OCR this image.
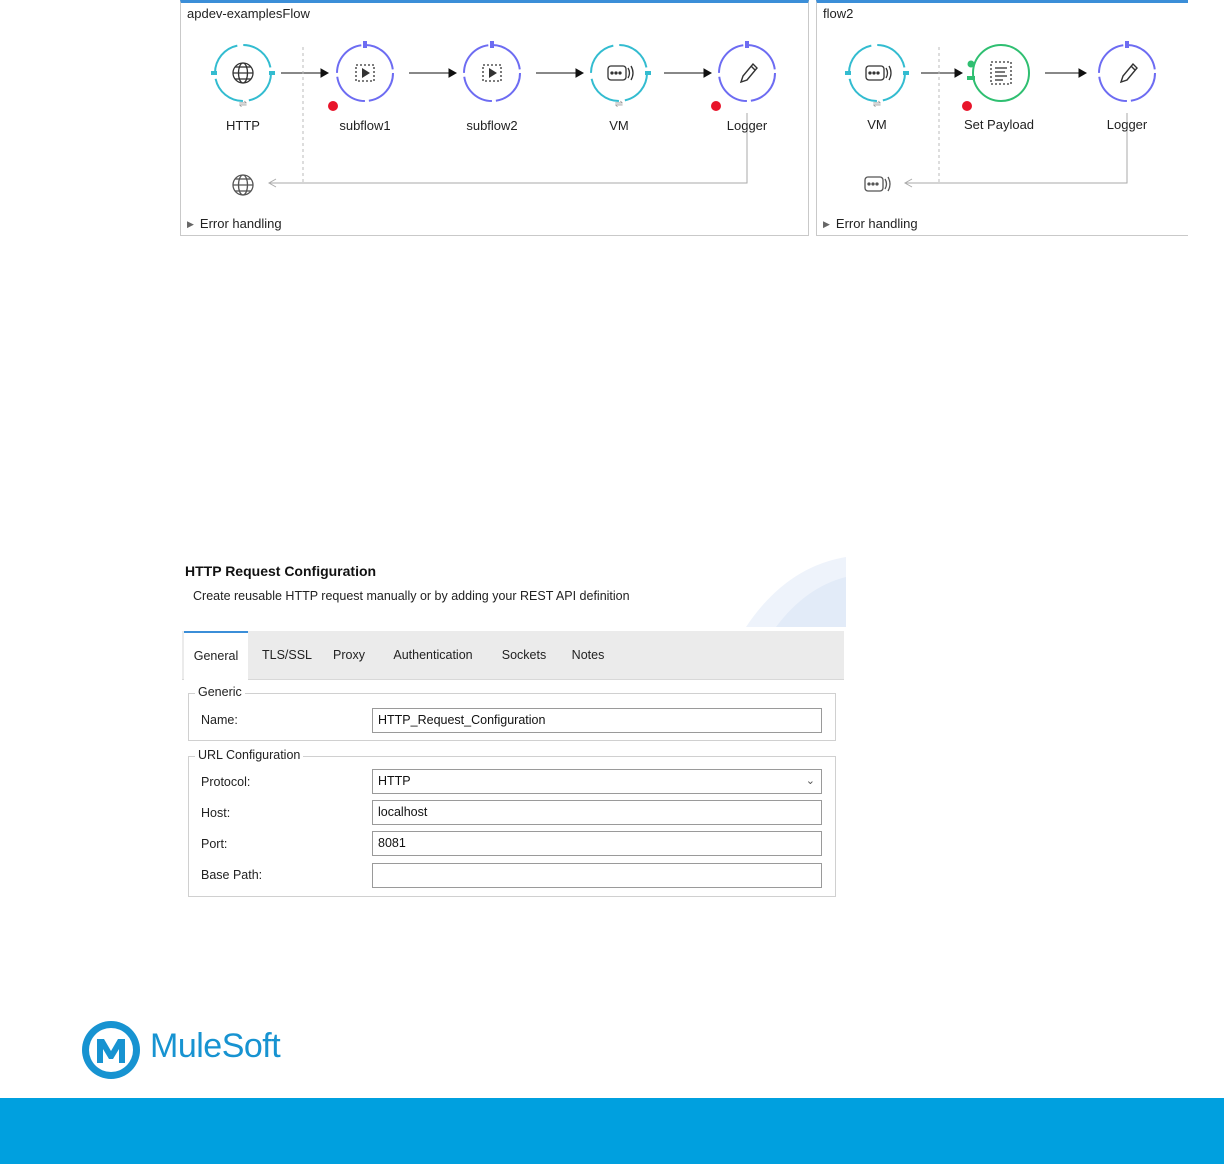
apdev-examplesFlow
⇌	⇌
HTTP	subflow1	subflow2	VM	Logger
▶ Error handling
flow2
⇌
VM	Set Payload	Logger
▶ Error handling
HTTP Request Configuration
Create reusable HTTP request manually or by adding your REST API definition
General	TLS/SSL	Proxy	Authentication	Sockets	Notes
Generic
Name:	HTTP_Request_Configuration
URL Configuration
Protocol:	HTTP	⌄
Host:	localhost
Port:	8081
Base Path:
MuleSoft
